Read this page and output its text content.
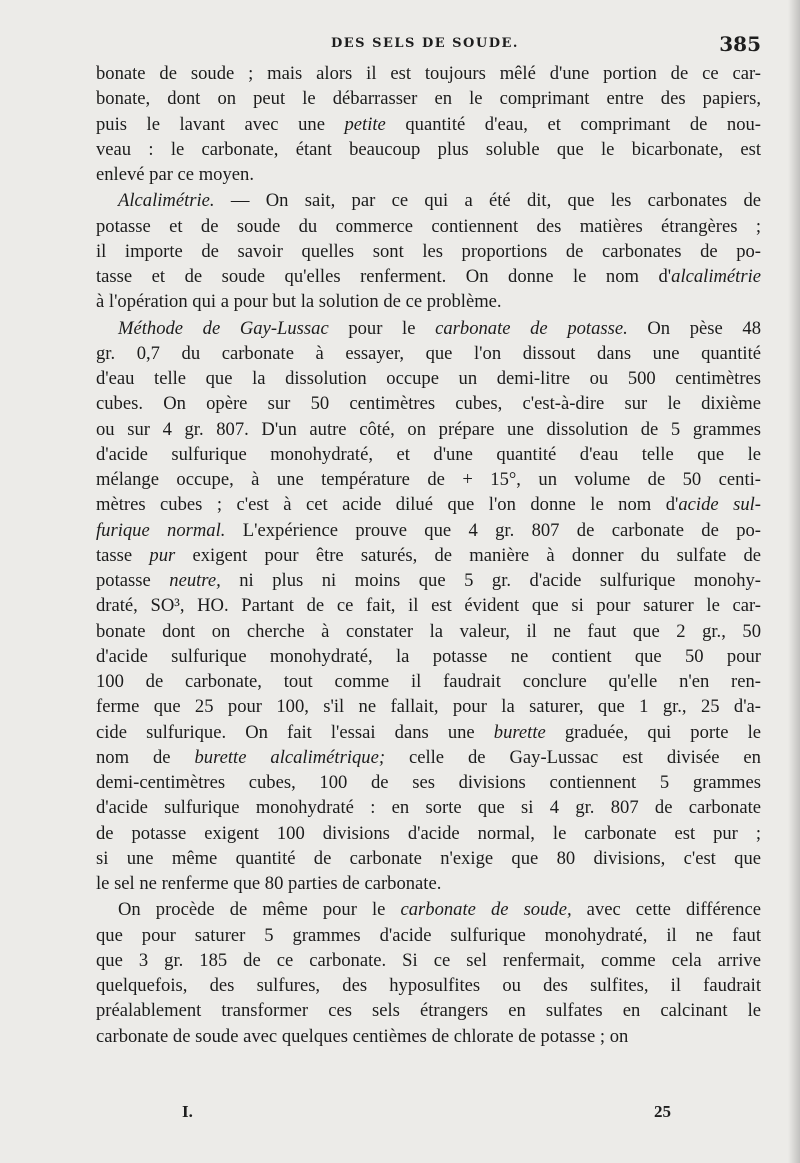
DES SELS DE SOUDE.	385
bonate de soude ; mais alors il est toujours mêlé d'une portion de ce car-
bonate, dont on peut le débarrasser en le comprimant entre des papiers,
puis le lavant avec une petite quantité d'eau, et comprimant de nou-
veau : le carbonate, étant beaucoup plus soluble que le bicarbonate, est
enlevé par ce moyen.
Alcalimétrie. — On sait, par ce qui a été dit, que les carbonates de
potasse et de soude du commerce contiennent des matières étrangères ;
il importe de savoir quelles sont les proportions de carbonates de po-
tasse et de soude qu'elles renferment. On donne le nom d'alcalimétrie
à l'opération qui a pour but la solution de ce problème.
Méthode de Gay-Lussac pour le carbonate de potasse. On pèse 48
gr. 0,7 du carbonate à essayer, que l'on dissout dans une quantité
d'eau telle que la dissolution occupe un demi-litre ou 500 centimètres
cubes. On opère sur 50 centimètres cubes, c'est-à-dire sur le dixième
ou sur 4 gr. 807. D'un autre côté, on prépare une dissolution de 5 grammes
d'acide sulfurique monohydraté, et d'une quantité d'eau telle que le
mélange occupe, à une température de + 15°, un volume de 50 centi-
mètres cubes ; c'est à cet acide dilué que l'on donne le nom d'acide sul-
furique normal. L'expérience prouve que 4 gr. 807 de carbonate de po-
tasse pur exigent pour être saturés, de manière à donner du sulfate de
potasse neutre, ni plus ni moins que 5 gr. d'acide sulfurique monohy-
draté, SO³, HO. Partant de ce fait, il est évident que si pour saturer le car-
bonate dont on cherche à constater la valeur, il ne faut que 2 gr., 50
d'acide sulfurique monohydraté, la potasse ne contient que 50 pour
100 de carbonate, tout comme il faudrait conclure qu'elle n'en ren-
ferme que 25 pour 100, s'il ne fallait, pour la saturer, que 1 gr., 25 d'a-
cide sulfurique. On fait l'essai dans une burette graduée, qui porte le
nom de burette alcalimétrique; celle de Gay-Lussac est divisée en
demi-centimètres cubes, 100 de ses divisions contiennent 5 grammes
d'acide sulfurique monohydraté : en sorte que si 4 gr. 807 de carbonate
de potasse exigent 100 divisions d'acide normal, le carbonate est pur ;
si une même quantité de carbonate n'exige que 80 divisions, c'est que
le sel ne renferme que 80 parties de carbonate.
On procède de même pour le carbonate de soude, avec cette différence
que pour saturer 5 grammes d'acide sulfurique monohydraté, il ne faut
que 3 gr. 185 de ce carbonate. Si ce sel renfermait, comme cela arrive
quelquefois, des sulfures, des hyposulfites ou des sulfites, il faudrait
préalablement transformer ces sels étrangers en sulfates en calcinant le
carbonate de soude avec quelques centièmes de chlorate de potasse ; on
I.	25
